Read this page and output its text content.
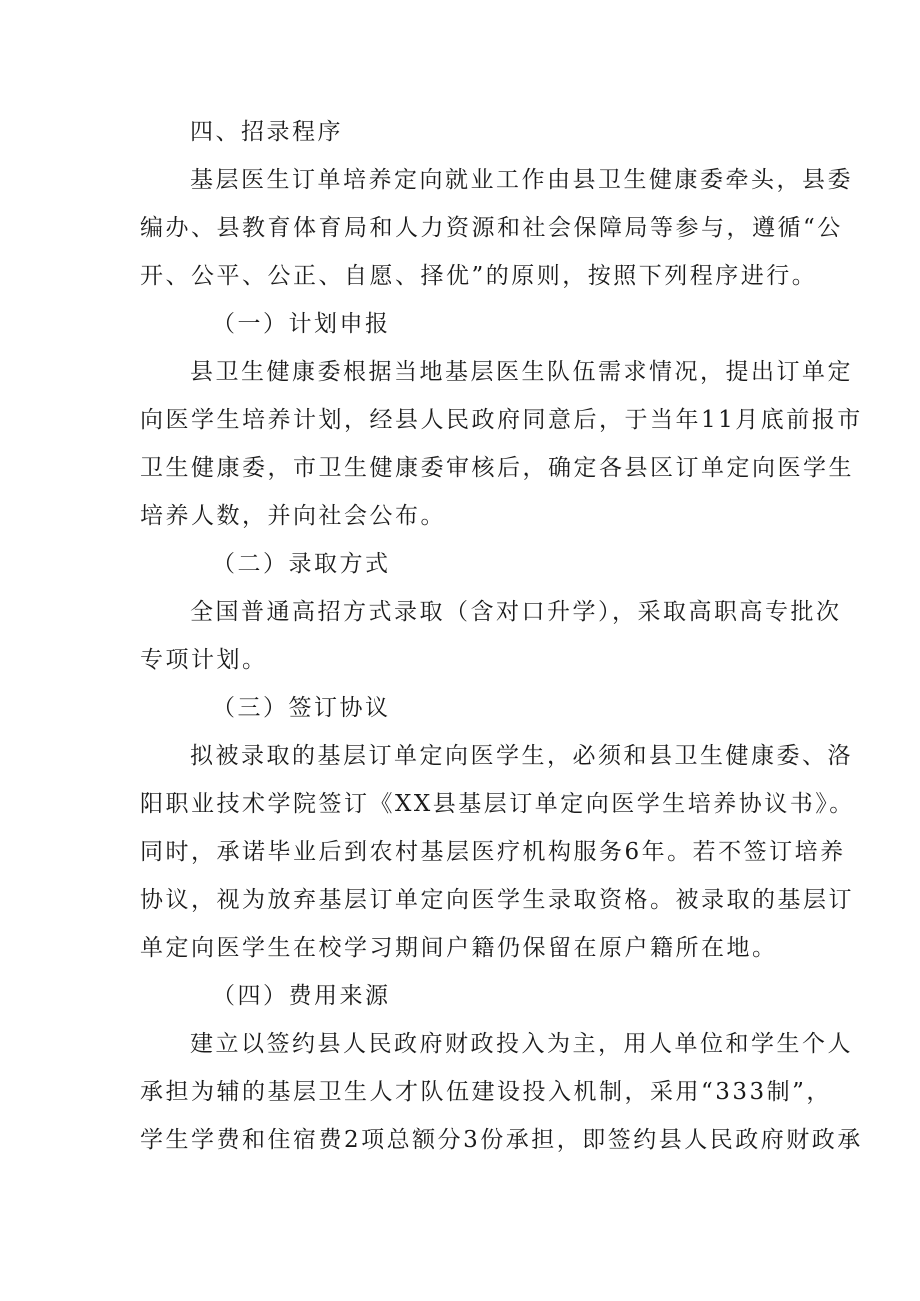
四、招录程序

基层医生订单培养定向就业工作由县卫生健康委牵头，县委

编办、县教育体育局和人力资源和社会保障局等参与，遵循“公

开、公平、公正、自愿、择优”的原则，按照下列程序进行。

（一）计划申报

县卫生健康委根据当地基层医生队伍需求情况，提出订单定

向医学生培养计划，经县人民政府同意后，于当年11月底前报市

卫生健康委，市卫生健康委审核后，确定各县区订单定向医学生

培养人数，并向社会公布。

（二）录取方式

全国普通高招方式录取（含对口升学），采取高职高专批次

专项计划。

（三）签订协议

拟被录取的基层订单定向医学生，必须和县卫生健康委、洛

阳职业技术学院签订《XX县基层订单定向医学生培养协议书》。

同时，承诺毕业后到农村基层医疗机构服务6年。若不签订培养

协议，视为放弃基层订单定向医学生录取资格。被录取的基层订

单定向医学生在校学习期间户籍仍保留在原户籍所在地。

（四）费用来源

建立以签约县人民政府财政投入为主，用人单位和学生个人

承担为辅的基层卫生人才队伍建设投入机制，采用“333制”，

学生学费和住宿费2项总额分3份承担，即签约县人民政府财政承
